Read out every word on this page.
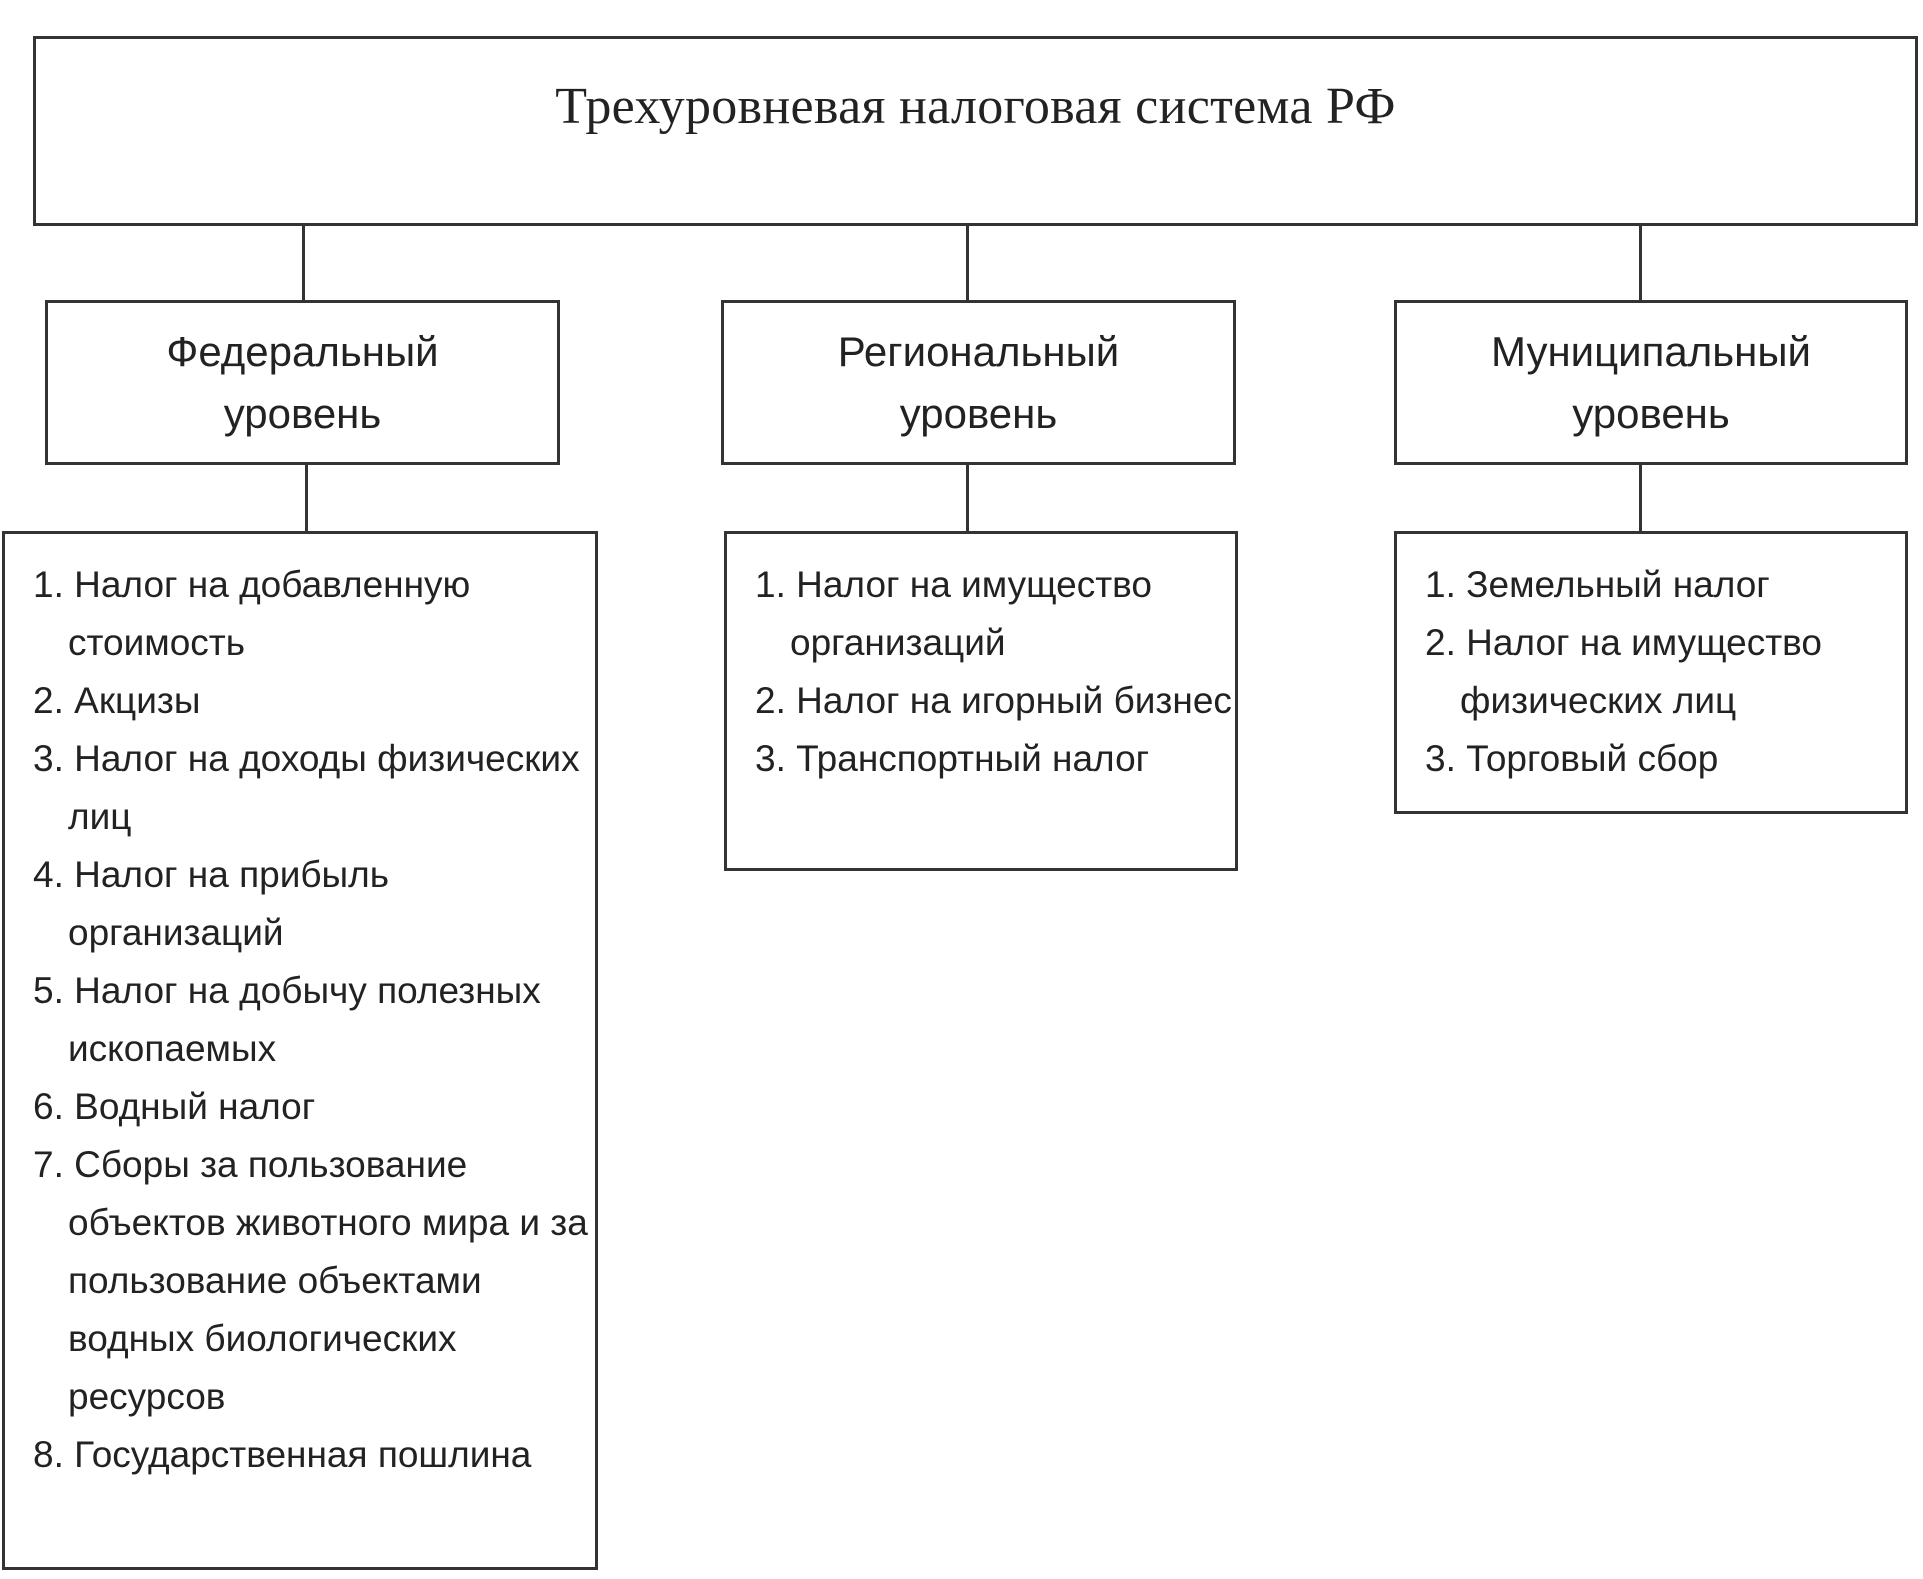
Трехуровневая налоговая система РФ
Федеральный
уровень
Региональный
уровень
Муниципальный
уровень
1. Налог на добавленную стоимость
2. Акцизы
3. Налог на доходы физических лиц
4. Налог на прибыль организаций
5. Налог на добычу полезных ископаемых
6. Водный налог
7. Сборы за пользование объектов животного мира и за пользование объектами водных биологических ресурсов
8. Государственная пошлина
1. Налог на имущество организаций
2. Налог на игорный бизнес
3. Транспортный налог
1. Земельный налог
2. Налог на имущество физических лиц
3. Торговый сбор
